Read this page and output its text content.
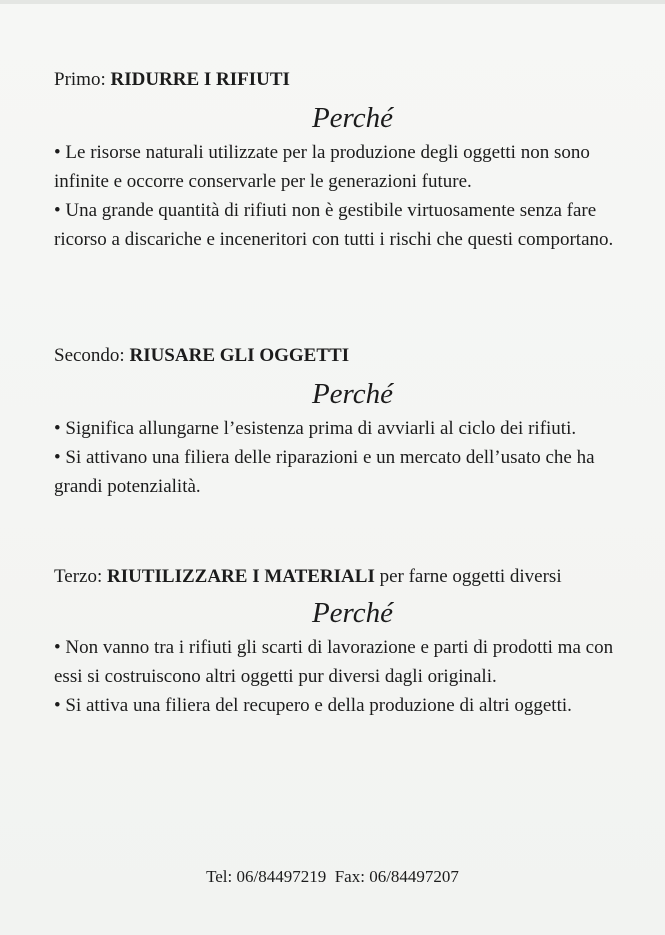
Primo: RIDURRE I RIFIUTI

Perché

• Le risorse naturali utilizzate per la produzione degli oggetti non sono infinite e occorre conservarle per le generazioni future.

• Una grande quantità di rifiuti non è gestibile virtuosamente senza fare ricorso a discariche e inceneritori con tutti i rischi che questi comportano.

Secondo: RIUSARE GLI OGGETTI

Perché

• Significa allungarne l’esistenza prima di avviarli al ciclo dei rifiuti.

• Si attivano una filiera delle riparazioni e un mercato dell’usato che ha grandi potenzialità.

Terzo: RIUTILIZZARE I MATERIALI per farne oggetti diversi

Perché

• Non vanno tra i rifiuti gli scarti di lavorazione e parti di prodotti ma con essi si costruiscono altri oggetti pur diversi dagli originali.

• Si attiva una filiera del recupero e della produzione di altri oggetti.

Tel: 06/84497219  Fax: 06/84497207
